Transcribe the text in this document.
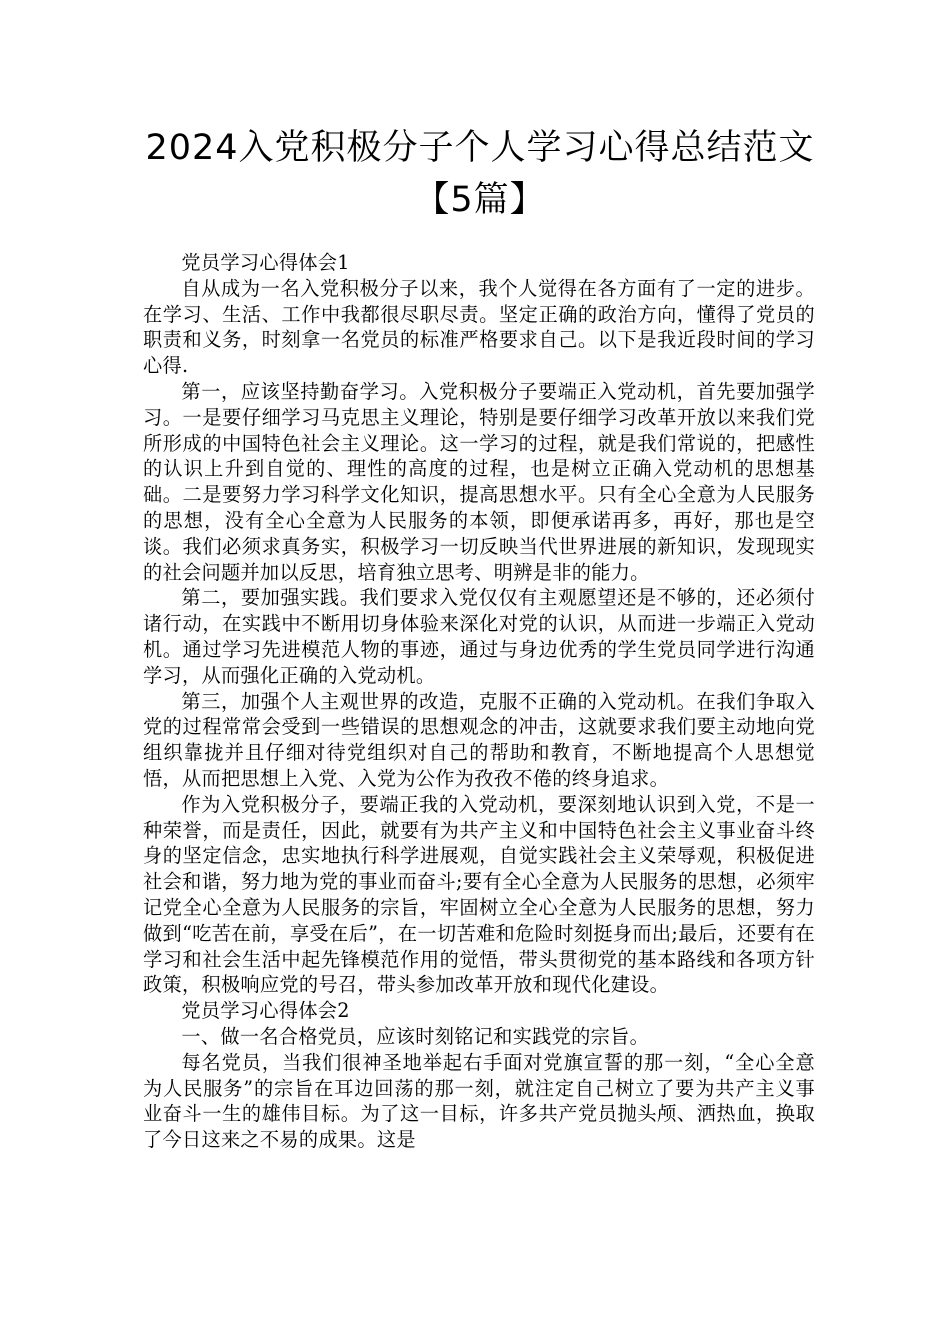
2024入党积极分子个人学习心得总结范文【5篇】

党员学习心得体会1

自从成为一名入党积极分子以来，我个人觉得在各方面有了一定的进步。在学习、生活、工作中我都很尽职尽责。坚定正确的政治方向，懂得了党员的职责和义务，时刻拿一名党员的标准严格要求自己。以下是我近段时间的学习心得.

第一，应该坚持勤奋学习。入党积极分子要端正入党动机，首先要加强学习。一是要仔细学习马克思主义理论，特别是要仔细学习改革开放以来我们党所形成的中国特色社会主义理论。这一学习的过程，就是我们常说的，把感性的认识上升到自觉的、理性的高度的过程，也是树立正确入党动机的思想基础。二是要努力学习科学文化知识，提高思想水平。只有全心全意为人民服务的思想，没有全心全意为人民服务的本领，即便承诺再多，再好，那也是空谈。我们必须求真务实，积极学习一切反映当代世界进展的新知识，发现现实的社会问题并加以反思，培育独立思考、明辨是非的能力。

第二，要加强实践。我们要求入党仅仅有主观愿望还是不够的，还必须付诸行动，在实践中不断用切身体验来深化对党的认识，从而进一步端正入党动机。通过学习先进模范人物的事迹，通过与身边优秀的学生党员同学进行沟通学习，从而强化正确的入党动机。

第三，加强个人主观世界的改造，克服不正确的入党动机。在我们争取入党的过程常常会受到一些错误的思想观念的冲击，这就要求我们要主动地向党组织靠拢并且仔细对待党组织对自己的帮助和教育，不断地提高个人思想觉悟，从而把思想上入党、入党为公作为孜孜不倦的终身追求。

作为入党积极分子，要端正我的入党动机，要深刻地认识到入党，不是一种荣誉，而是责任，因此，就要有为共产主义和中国特色社会主义事业奋斗终身的坚定信念，忠实地执行科学进展观，自觉实践社会主义荣辱观，积极促进社会和谐，努力地为党的事业而奋斗;要有全心全意为人民服务的思想，必须牢记党全心全意为人民服务的宗旨，牢固树立全心全意为人民服务的思想，努力做到“吃苦在前，享受在后”，在一切苦难和危险时刻挺身而出;最后，还要有在学习和社会生活中起先锋模范作用的觉悟，带头贯彻党的基本路线和各项方针政策，积极响应党的号召，带头参加改革开放和现代化建设。

党员学习心得体会2

一、做一名合格党员，应该时刻铭记和实践党的宗旨。

每名党员，当我们很神圣地举起右手面对党旗宣誓的那一刻，“全心全意为人民服务”的宗旨在耳边回荡的那一刻，就注定自己树立了要为共产主义事业奋斗一生的雄伟目标。为了这一目标，许多共产党员抛头颅、洒热血，换取了今日这来之不易的成果。这是
